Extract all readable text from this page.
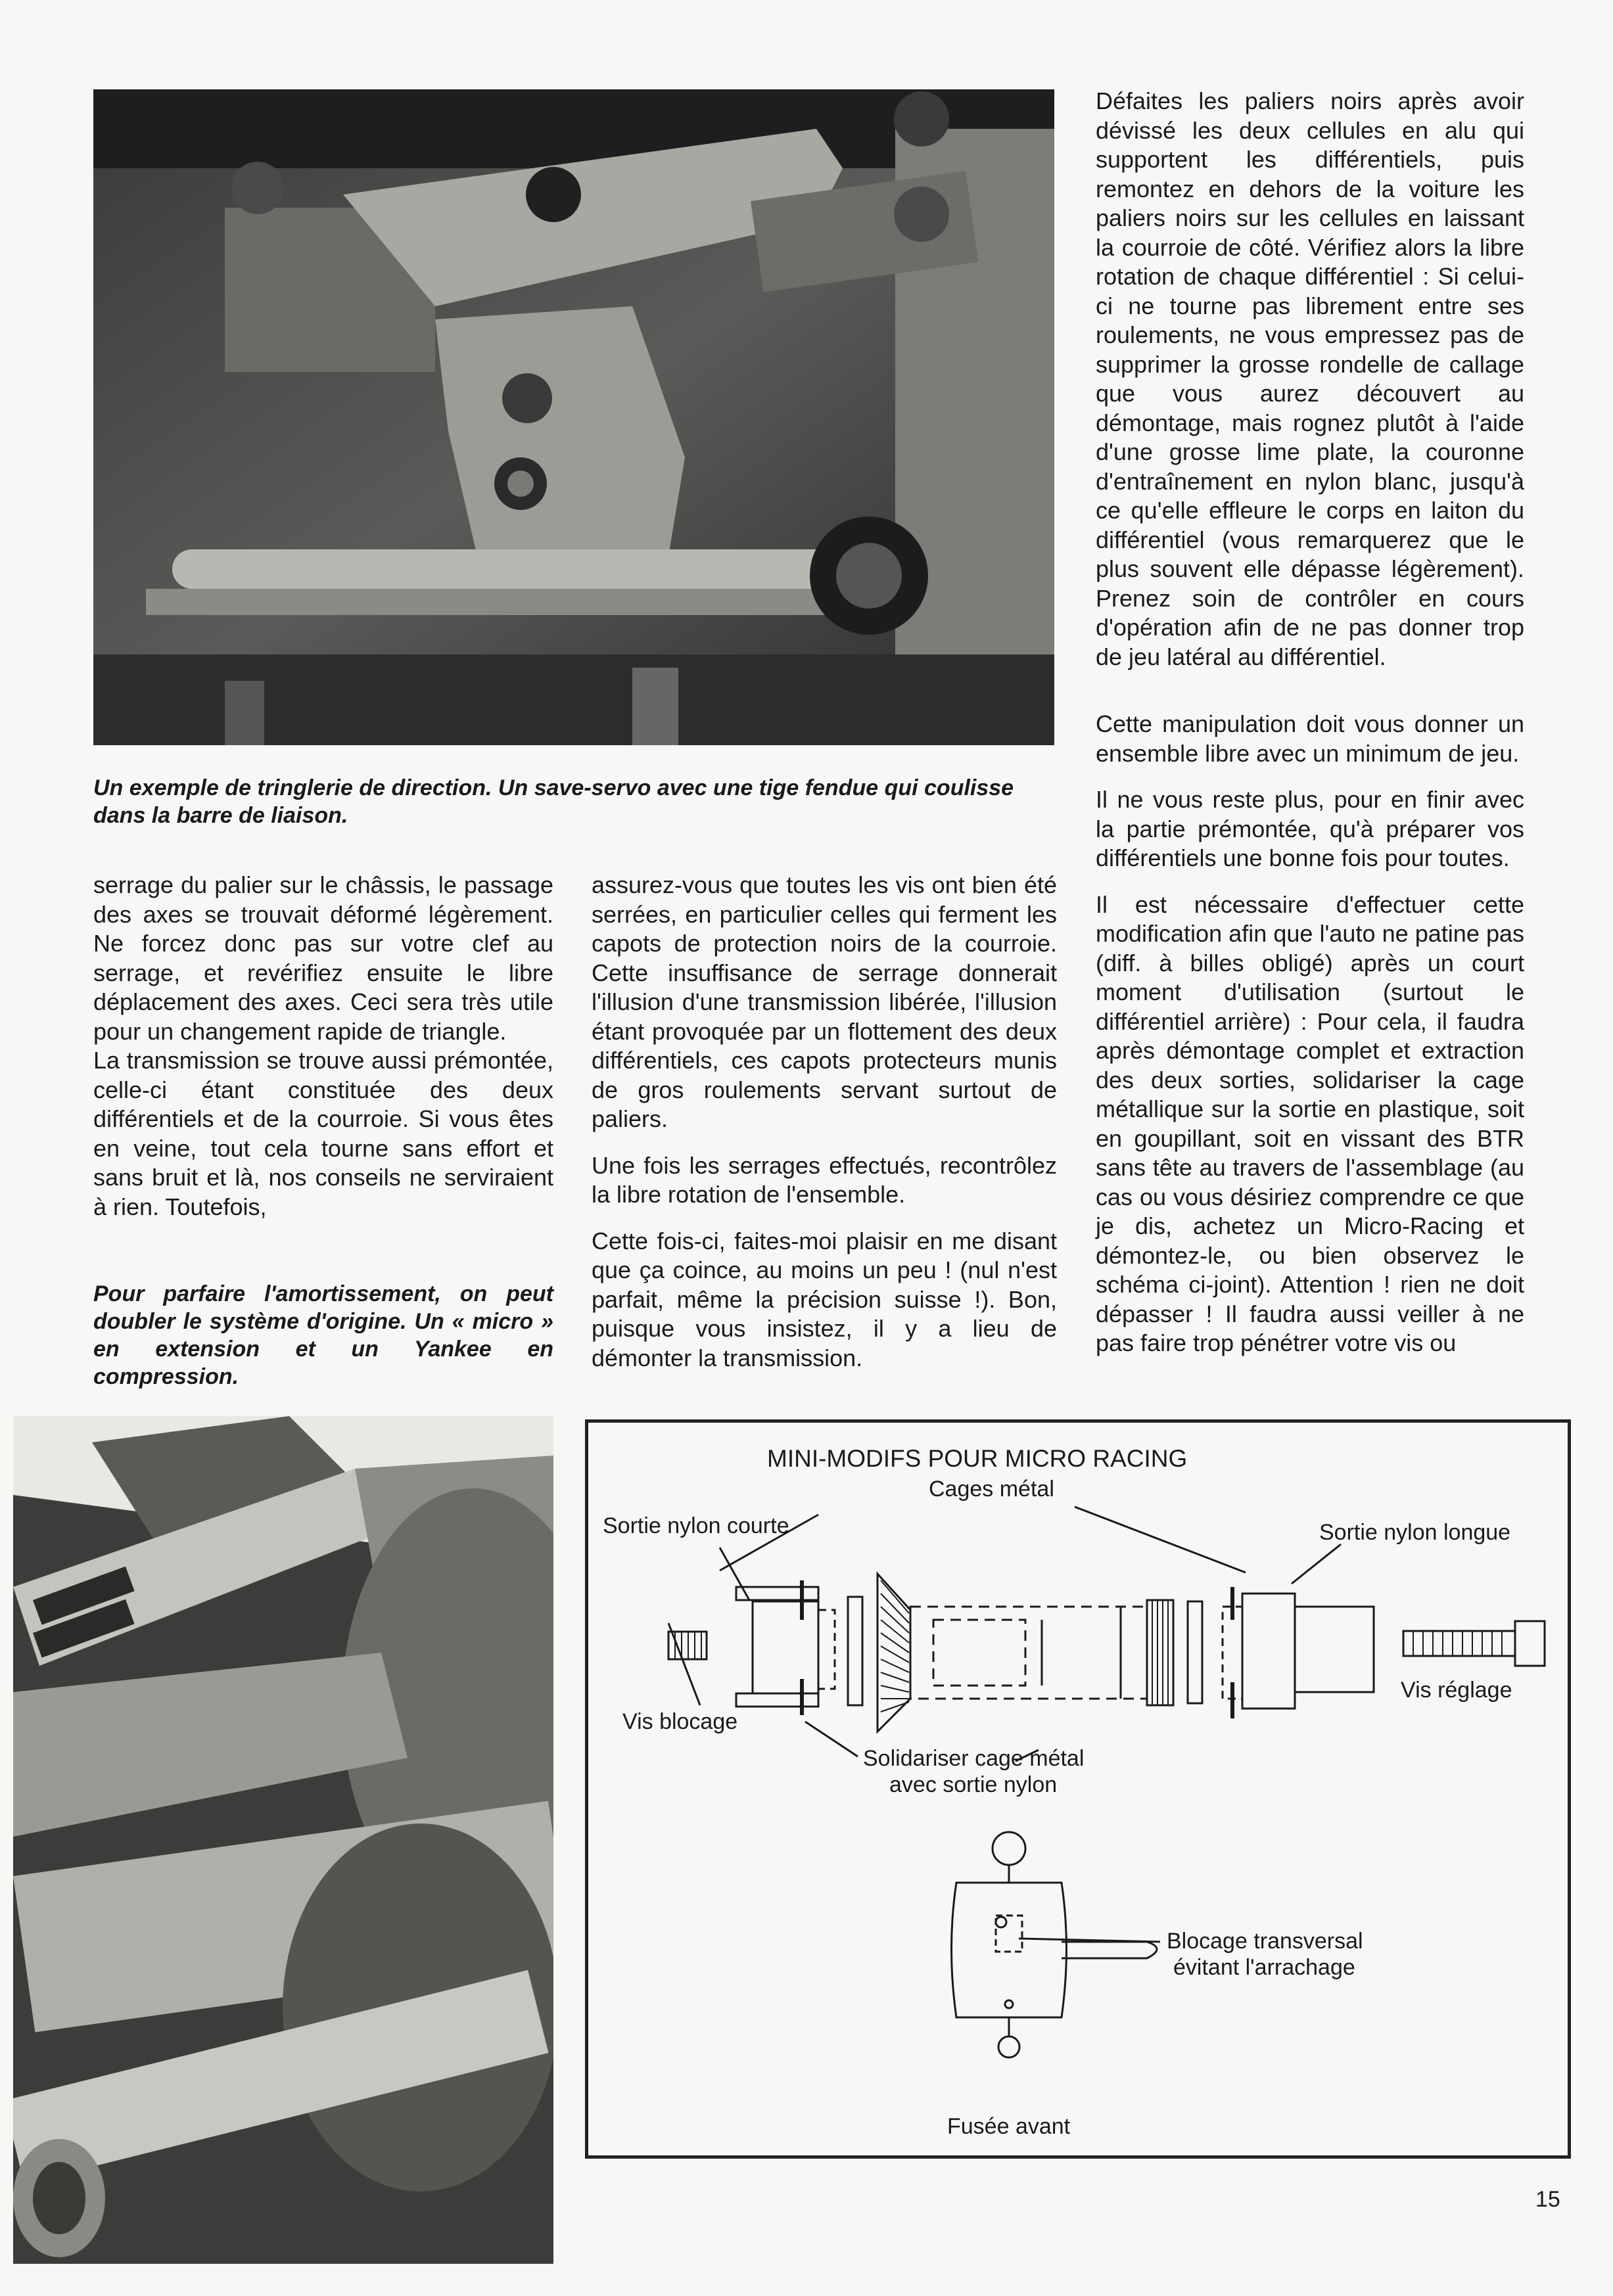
Un exemple de tringlerie de direction. Un save-servo avec une tige fendue qui coulisse dans la barre de liaison.

serrage du palier sur le châssis, le passage des axes se trouvait déformé légèrement. Ne forcez donc pas sur votre clef au serrage, et revérifiez ensuite le libre déplacement des axes. Ceci sera très utile pour un changement rapide de triangle.

La transmission se trouve aussi prémontée, celle-ci étant constituée des deux différentiels et de la courroie. Si vous êtes en veine, tout cela tourne sans effort et sans bruit et là, nos conseils ne serviraient à rien. Toutefois,

Pour parfaire l'amortissement, on peut doubler le système d'origine. Un « micro » en extension et un Yankee en compression.

assurez-vous que toutes les vis ont bien été serrées, en particulier celles qui ferment les capots de protection noirs de la courroie. Cette insuffisance de serrage donnerait l'illusion d'une transmission libérée, l'illusion étant provoquée par un flottement des deux différentiels, ces capots protecteurs munis de gros roulements servant surtout de paliers.

Une fois les serrages effectués, recontrôlez la libre rotation de l'ensemble.

Cette fois-ci, faites-moi plaisir en me disant que ça coince, au moins un peu ! (nul n'est parfait, même la précision suisse !). Bon, puisque vous insistez, il y a lieu de démonter la transmission.

Défaites les paliers noirs après avoir dévissé les deux cellules en alu qui supportent les différentiels, puis remontez en dehors de la voiture les paliers noirs sur les cellules en laissant la courroie de côté. Vérifiez alors la libre rotation de chaque différentiel : Si celui-ci ne tourne pas librement entre ses roulements, ne vous empressez pas de supprimer la grosse rondelle de callage que vous aurez découvert au démontage, mais rognez plutôt à l'aide d'une grosse lime plate, la couronne d'entraînement en nylon blanc, jusqu'à ce qu'elle effleure le corps en laiton du différentiel (vous remarquerez que le plus souvent elle dépasse légèrement). Prenez soin de contrôler en cours d'opération afin de ne pas donner trop de jeu latéral au différentiel.

Cette manipulation doit vous donner un ensemble libre avec un minimum de jeu.

Il ne vous reste plus, pour en finir avec la partie prémontée, qu'à préparer vos différentiels une bonne fois pour toutes.

Il est nécessaire d'effectuer cette modification afin que l'auto ne patine pas (diff. à billes obligé) après un court moment d'utilisation (surtout le différentiel arrière) : Pour cela, il faudra après démontage complet et extraction des deux sorties, solidariser la cage métallique sur la sortie en plastique, soit en goupillant, soit en vissant des BTR sans tête au travers de l'assemblage (au cas ou vous désiriez comprendre ce que je dis, achetez un Micro-Racing et démontez-le, ou bien observez le schéma ci-joint). Attention ! rien ne doit dépasser ! Il faudra aussi veiller à ne pas faire trop pénétrer votre vis ou

MINI-MODIFS POUR MICRO RACING
Cages métal
Sortie nylon courte	Sortie nylon longue
Vis réglage
Vis blocage
Solidariser cage métal
avec sortie nylon
Blocage transversal
évitant l'arrachage
Fusée avant
15
